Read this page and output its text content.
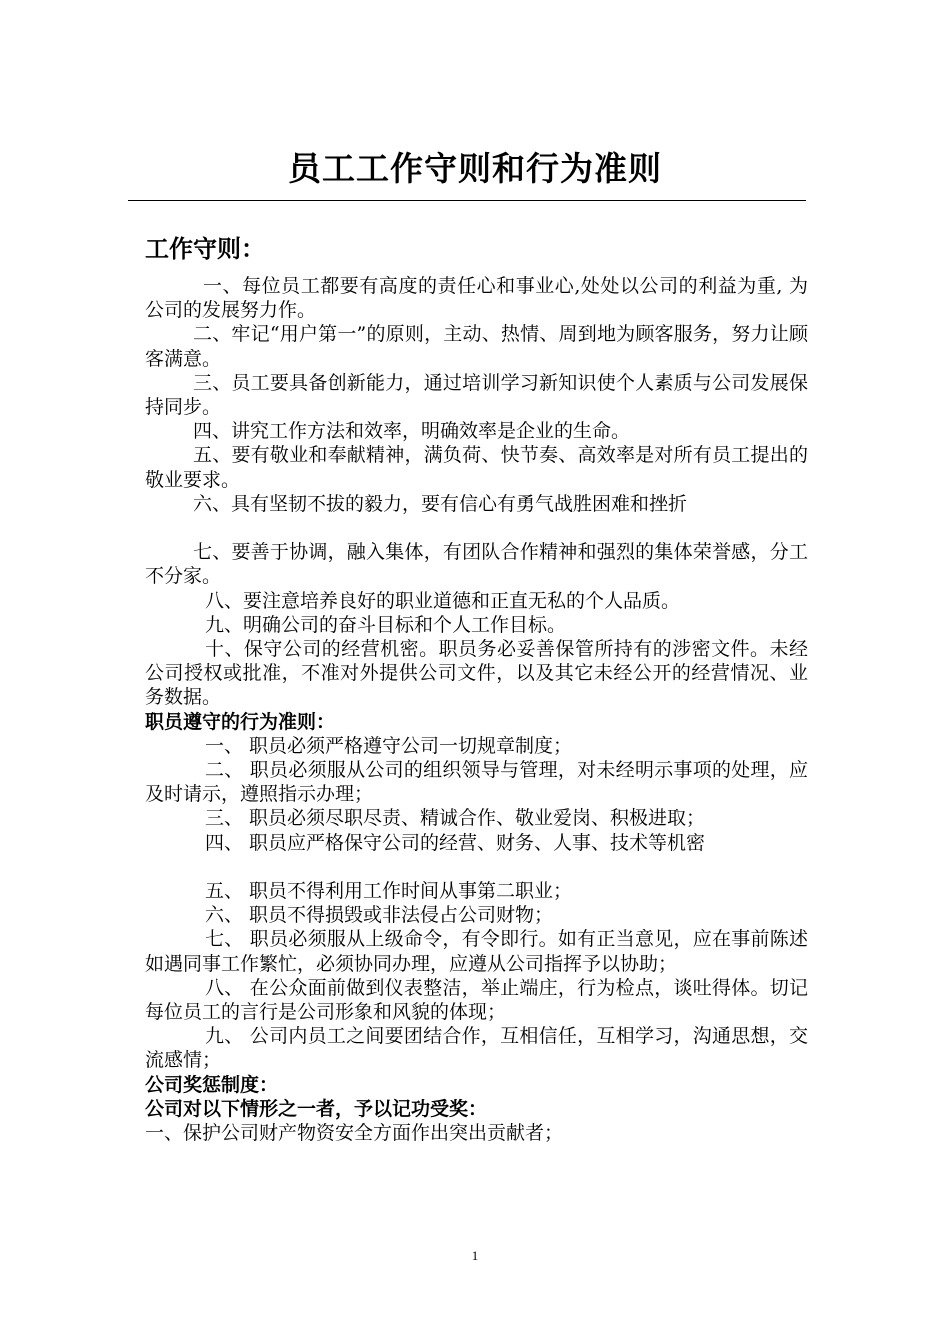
员工工作守则和行为准则
工作守则：

一、每位员工都要有高度的责任心和事业心,处处以公司的利益为重, 为公司的发展努力作。

二、牢记“用户第一”的原则，主动、热情、周到地为顾客服务，努力让顾客满意。

三、员工要具备创新能力，通过培训学习新知识使个人素质与公司发展保持同步。

四、讲究工作方法和效率，明确效率是企业的生命。

五、要有敬业和奉献精神，满负荷、快节奏、高效率是对所有员工提出的敬业要求。

六、具有坚韧不拔的毅力，要有信心有勇气战胜困难和挫折

七、要善于协调，融入集体，有团队合作精神和强烈的集体荣誉感，分工不分家。

八、要注意培养良好的职业道德和正直无私的个人品质。

九、明确公司的奋斗目标和个人工作目标。

十、保守公司的经营机密。职员务必妥善保管所持有的涉密文件。未经公司授权或批准，不准对外提供公司文件，以及其它未经公开的经营情况、业务数据。

职员遵守的行为准则：

一、 职员必须严格遵守公司一切规章制度；

二、 职员必须服从公司的组织领导与管理，对未经明示事项的处理，应及时请示，遵照指示办理；

三、 职员必须尽职尽责、精诚合作、敬业爱岗、积极进取；

四、 职员应严格保守公司的经营、财务、人事、技术等机密

五、 职员不得利用工作时间从事第二职业；

六、 职员不得损毁或非法侵占公司财物；

七、 职员必须服从上级命令，有令即行。如有正当意见，应在事前陈述如遇同事工作繁忙，必须协同办理，应遵从公司指挥予以协助；

八、 在公众面前做到仪表整洁，举止端庄，行为检点，谈吐得体。切记每位员工的言行是公司形象和风貌的体现；

九、 公司内员工之间要团结合作，互相信任，互相学习，沟通思想，交流感情；

公司奖惩制度：

公司对以下情形之一者，予以记功受奖：

一、保护公司财产物资安全方面作出突出贡献者；

1
